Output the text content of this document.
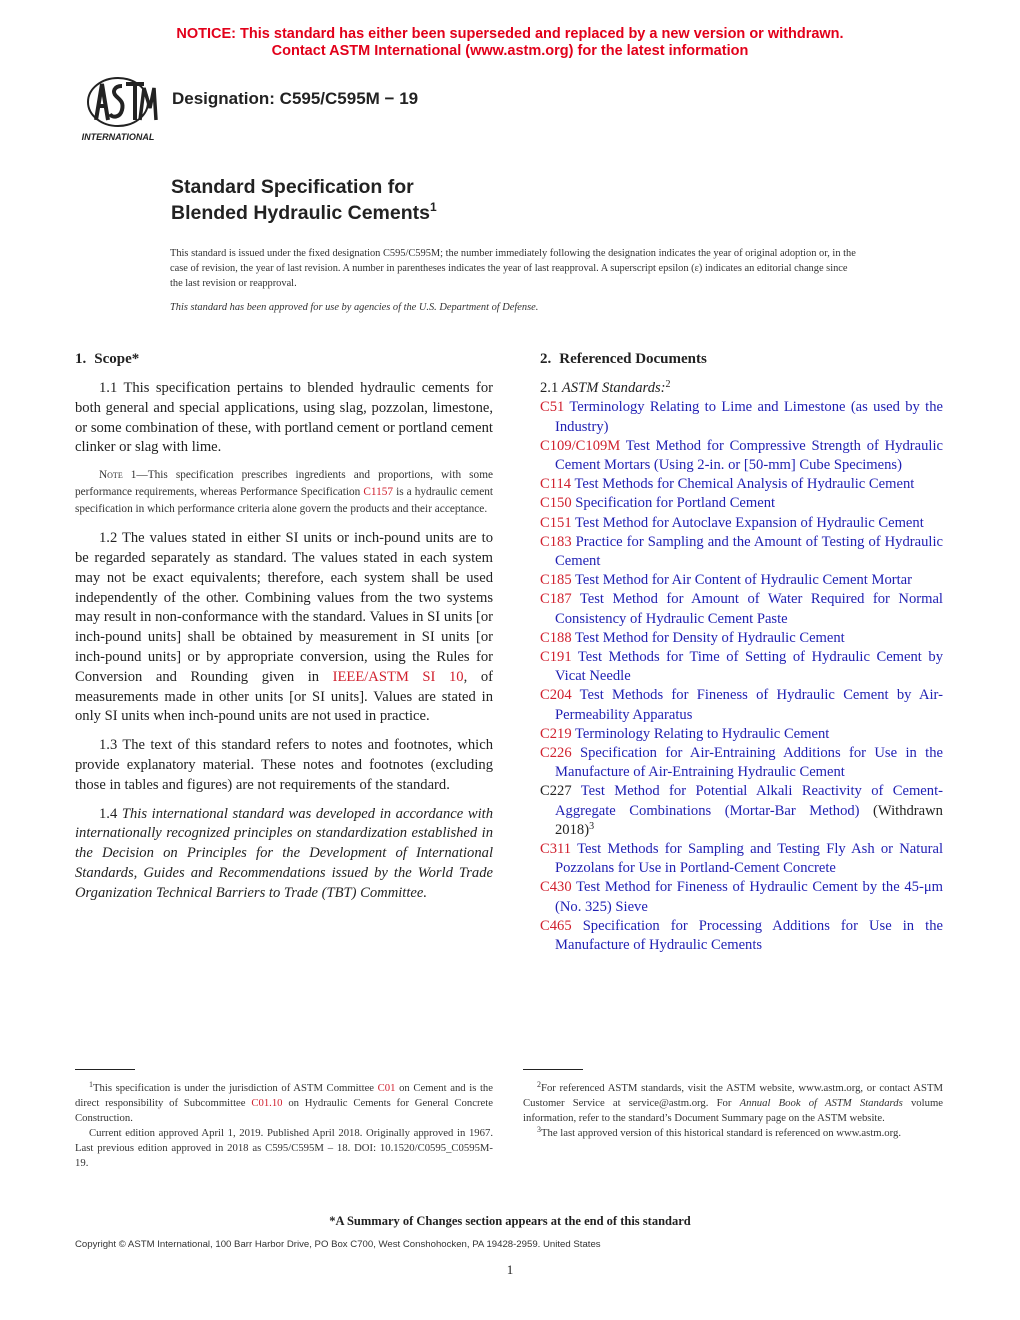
NOTICE: This standard has either been superseded and replaced by a new version or withdrawn.
Contact ASTM International (www.astm.org) for the latest information
INTERNATIONAL
Designation: C595/C595M − 19
Standard Specification for
Blended Hydraulic Cements$^1$
This standard is issued under the fixed designation C595/C595M; the number immediately following the designation indicates the year of original adoption or, in the case of revision, the year of last revision. A number in parentheses indicates the year of last reapproval. A superscript epsilon (ε) indicates an editorial change since the last revision or reapproval.
This standard has been approved for use by agencies of the U.S. Department of Defense.
1. Scope*

1.1 This specification pertains to blended hydraulic cements for both general and special applications, using slag, pozzolan, limestone, or some combination of these, with portland cement or portland cement clinker or slag with lime.

Note 1—This specification prescribes ingredients and proportions, with some performance requirements, whereas Performance Specification C1157 is a hydraulic cement specification in which performance criteria alone govern the products and their acceptance.

1.2 The values stated in either SI units or inch-pound units are to be regarded separately as standard. The values stated in each system may not be exact equivalents; therefore, each system shall be used independently of the other. Combining values from the two systems may result in non-conformance with the standard. Values in SI units [or inch-pound units] shall be obtained by measurement in SI units [or inch-pound units] or by appropriate conversion, using the Rules for Conversion and Rounding given in IEEE/ASTM SI 10, of measurements made in other units [or SI units]. Values are stated in only SI units when inch-pound units are not used in practice.

1.3 The text of this standard refers to notes and footnotes, which provide explanatory material. These notes and footnotes (excluding those in tables and figures) are not requirements of the standard.

1.4 This international standard was developed in accordance with internationally recognized principles on standardization established in the Decision on Principles for the Development of International Standards, Guides and Recommendations issued by the World Trade Organization Technical Barriers to Trade (TBT) Committee.

2. Referenced Documents
2.1 ASTM Standards:$^2$
C51 Terminology Relating to Lime and Limestone (as used by the Industry)
C109/C109M Test Method for Compressive Strength of Hydraulic Cement Mortars (Using 2-in. or [50-mm] Cube Specimens)
C114 Test Methods for Chemical Analysis of Hydraulic Cement
C150 Specification for Portland Cement
C151 Test Method for Autoclave Expansion of Hydraulic Cement
C183 Practice for Sampling and the Amount of Testing of Hydraulic Cement
C185 Test Method for Air Content of Hydraulic Cement Mortar
C187 Test Method for Amount of Water Required for Normal Consistency of Hydraulic Cement Paste
C188 Test Method for Density of Hydraulic Cement
C191 Test Methods for Time of Setting of Hydraulic Cement by Vicat Needle
C204 Test Methods for Fineness of Hydraulic Cement by Air-Permeability Apparatus
C219 Terminology Relating to Hydraulic Cement
C226 Specification for Air-Entraining Additions for Use in the Manufacture of Air-Entraining Hydraulic Cement
C227 Test Method for Potential Alkali Reactivity of Cement-Aggregate Combinations (Mortar-Bar Method) (Withdrawn 2018)$^3$
C311 Test Methods for Sampling and Testing Fly Ash or Natural Pozzolans for Use in Portland-Cement Concrete
C430 Test Method for Fineness of Hydraulic Cement by the 45-μm (No. 325) Sieve
C465 Specification for Processing Additions for Use in the Manufacture of Hydraulic Cements

$^1$This specification is under the jurisdiction of ASTM Committee C01 on Cement and is the direct responsibility of Subcommittee C01.10 on Hydraulic Cements for General Concrete Construction.

Current edition approved April 1, 2019. Published April 2018. Originally approved in 1967. Last previous edition approved in 2018 as C595/C595M – 18. DOI: 10.1520/C0595_C0595M-19.

$^2$For referenced ASTM standards, visit the ASTM website, www.astm.org, or contact ASTM Customer Service at service@astm.org. For Annual Book of ASTM Standards volume information, refer to the standard’s Document Summary page on the ASTM website.

$^3$The last approved version of this historical standard is referenced on www.astm.org.

*A Summary of Changes section appears at the end of this standard
Copyright © ASTM International, 100 Barr Harbor Drive, PO Box C700, West Conshohocken, PA 19428-2959. United States
1
